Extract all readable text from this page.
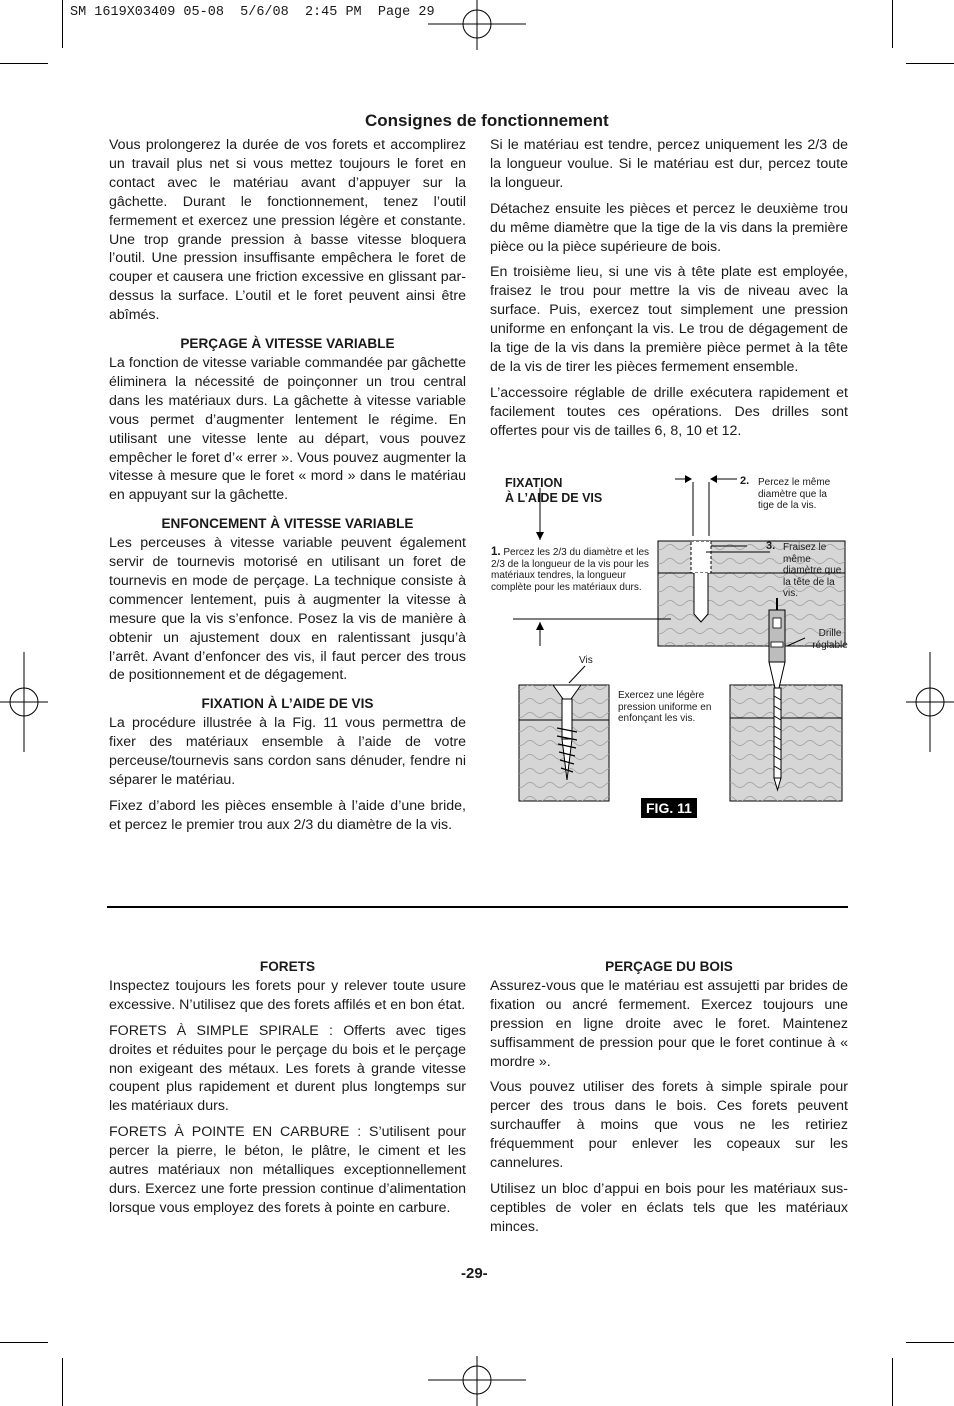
SM 1619X03409 05-08  5/6/08  2:45 PM  Page 29
Consignes de fonctionnement

Vous prolongerez la durée de vos forets et accomplirez un travail plus net si vous mettez toujours le foret en contact avec le matériau avant d’appuyer sur la gâchette. Durant le fonctionnement, tenez l’outil fermement et exercez une pression légère et constante. Une trop grande pression à basse vitesse bloquera l’outil. Une pression insuffisante empêchera le foret de couper et causera une friction excessive en glissant par-dessus la surface. L’outil et le foret peuvent ainsi être abîmés.

PERÇAGE À VITESSE VARIABLE

La fonction de vitesse variable commandée par gâchette éliminera la nécessité de poinçonner un trou central dans les matériaux durs. La gâchette à vitesse variable vous permet d’augmenter lentement le régime. En utilisant une vitesse lente au départ, vous pouvez empêcher le foret d’« errer ». Vous pouvez augmenter la vitesse à mesure que le foret « mord » dans le matériau en appuyant sur la gâchette.

ENFONCEMENT À VITESSE VARIABLE

Les perceuses à vitesse variable peuvent également servir de tournevis motorisé en utilisant un foret de tournevis en mode de perçage. La technique consiste à commencer lentement, puis à augmenter la vitesse à mesure que la vis s’enfonce. Posez la vis de manière à obtenir un ajustement doux en ralentissant jusqu’à l’arrêt. Avant d’enfoncer des vis, il faut percer des trous de positionnement et de dégagement.

FIXATION À L’AIDE DE VIS

La procédure illustrée à la Fig. 11 vous permettra de fixer des matériaux ensemble à l’aide de votre perceuse/tournevis sans cordon sans dénuder, fendre ni séparer le matériau.

Fixez d’abord les pièces ensemble à l’aide d’une bride, et percez le premier trou aux 2/3 du diamètre de la vis.

Si le matériau est tendre, percez uniquement les 2/3 de la longueur voulue. Si le matériau est dur, percez toute la longueur.

Détachez ensuite les pièces et percez le deuxième trou du même diamètre que la tige de la vis dans la première pièce ou la pièce supérieure de bois.

En troisième lieu, si une vis à tête plate est employée, fraisez le trou pour mettre la vis de niveau avec la surface. Puis, exercez tout simplement une pression uniforme en enfonçant la vis. Le trou de dégagement de la tige de la vis dans la première pièce permet à la tête de la vis de tirer les pièces fermement ensemble.

L’accessoire réglable de drille exécutera rapidement et facilement toutes ces opérations. Des drilles sont offertes pour vis de tailles 6, 8, 10 et 12.

FIXATION
À L’AIDE DE VIS
1. Percez les 2/3 du diamètre et les 2/3 de la longueur de la vis pour les matériaux tendres, la longueur complète pour les matériaux durs.
2. Percez le même diamètre que la tige de la vis.
3. Fraisez le même diamètre que la tête de la vis.
Drille réglable
Vis
Exercez une légère pression uniforme en enfonçant les vis.
FIG. 11
FORETS

Inspectez toujours les forets pour y relever toute usure excessive. N’utilisez que des forets affilés et en bon état.

FORETS À SIMPLE SPIRALE : Offerts avec tiges droites et réduites pour le perçage du bois et le perçage non exigeant des métaux. Les forets à grande vitesse coupent plus rapidement et durent plus longtemps sur les matériaux durs.

FORETS À POINTE EN CARBURE : S’utilisent pour percer la pierre, le béton, le plâtre, le ciment et les autres matériaux non métalliques exceptionnellement durs. Exercez une forte pression continue d’alimentation lorsque vous employez des forets à pointe en carbure.

PERÇAGE DU BOIS

Assurez-vous que le matériau est assujetti par brides de fixation ou ancré fermement. Exercez toujours une pression en ligne droite avec le foret. Maintenez suffisamment de pression pour que le foret continue à « mordre ».

Vous pouvez utiliser des forets à simple spirale pour percer des trous dans le bois. Ces forets peuvent surchauffer à moins que vous ne les retiriez fréquemment pour enlever les copeaux sur les cannelures.

Utilisez un bloc d’appui en bois pour les matériaux sus-ceptibles de voler en éclats tels que les matériaux minces.

-29-
